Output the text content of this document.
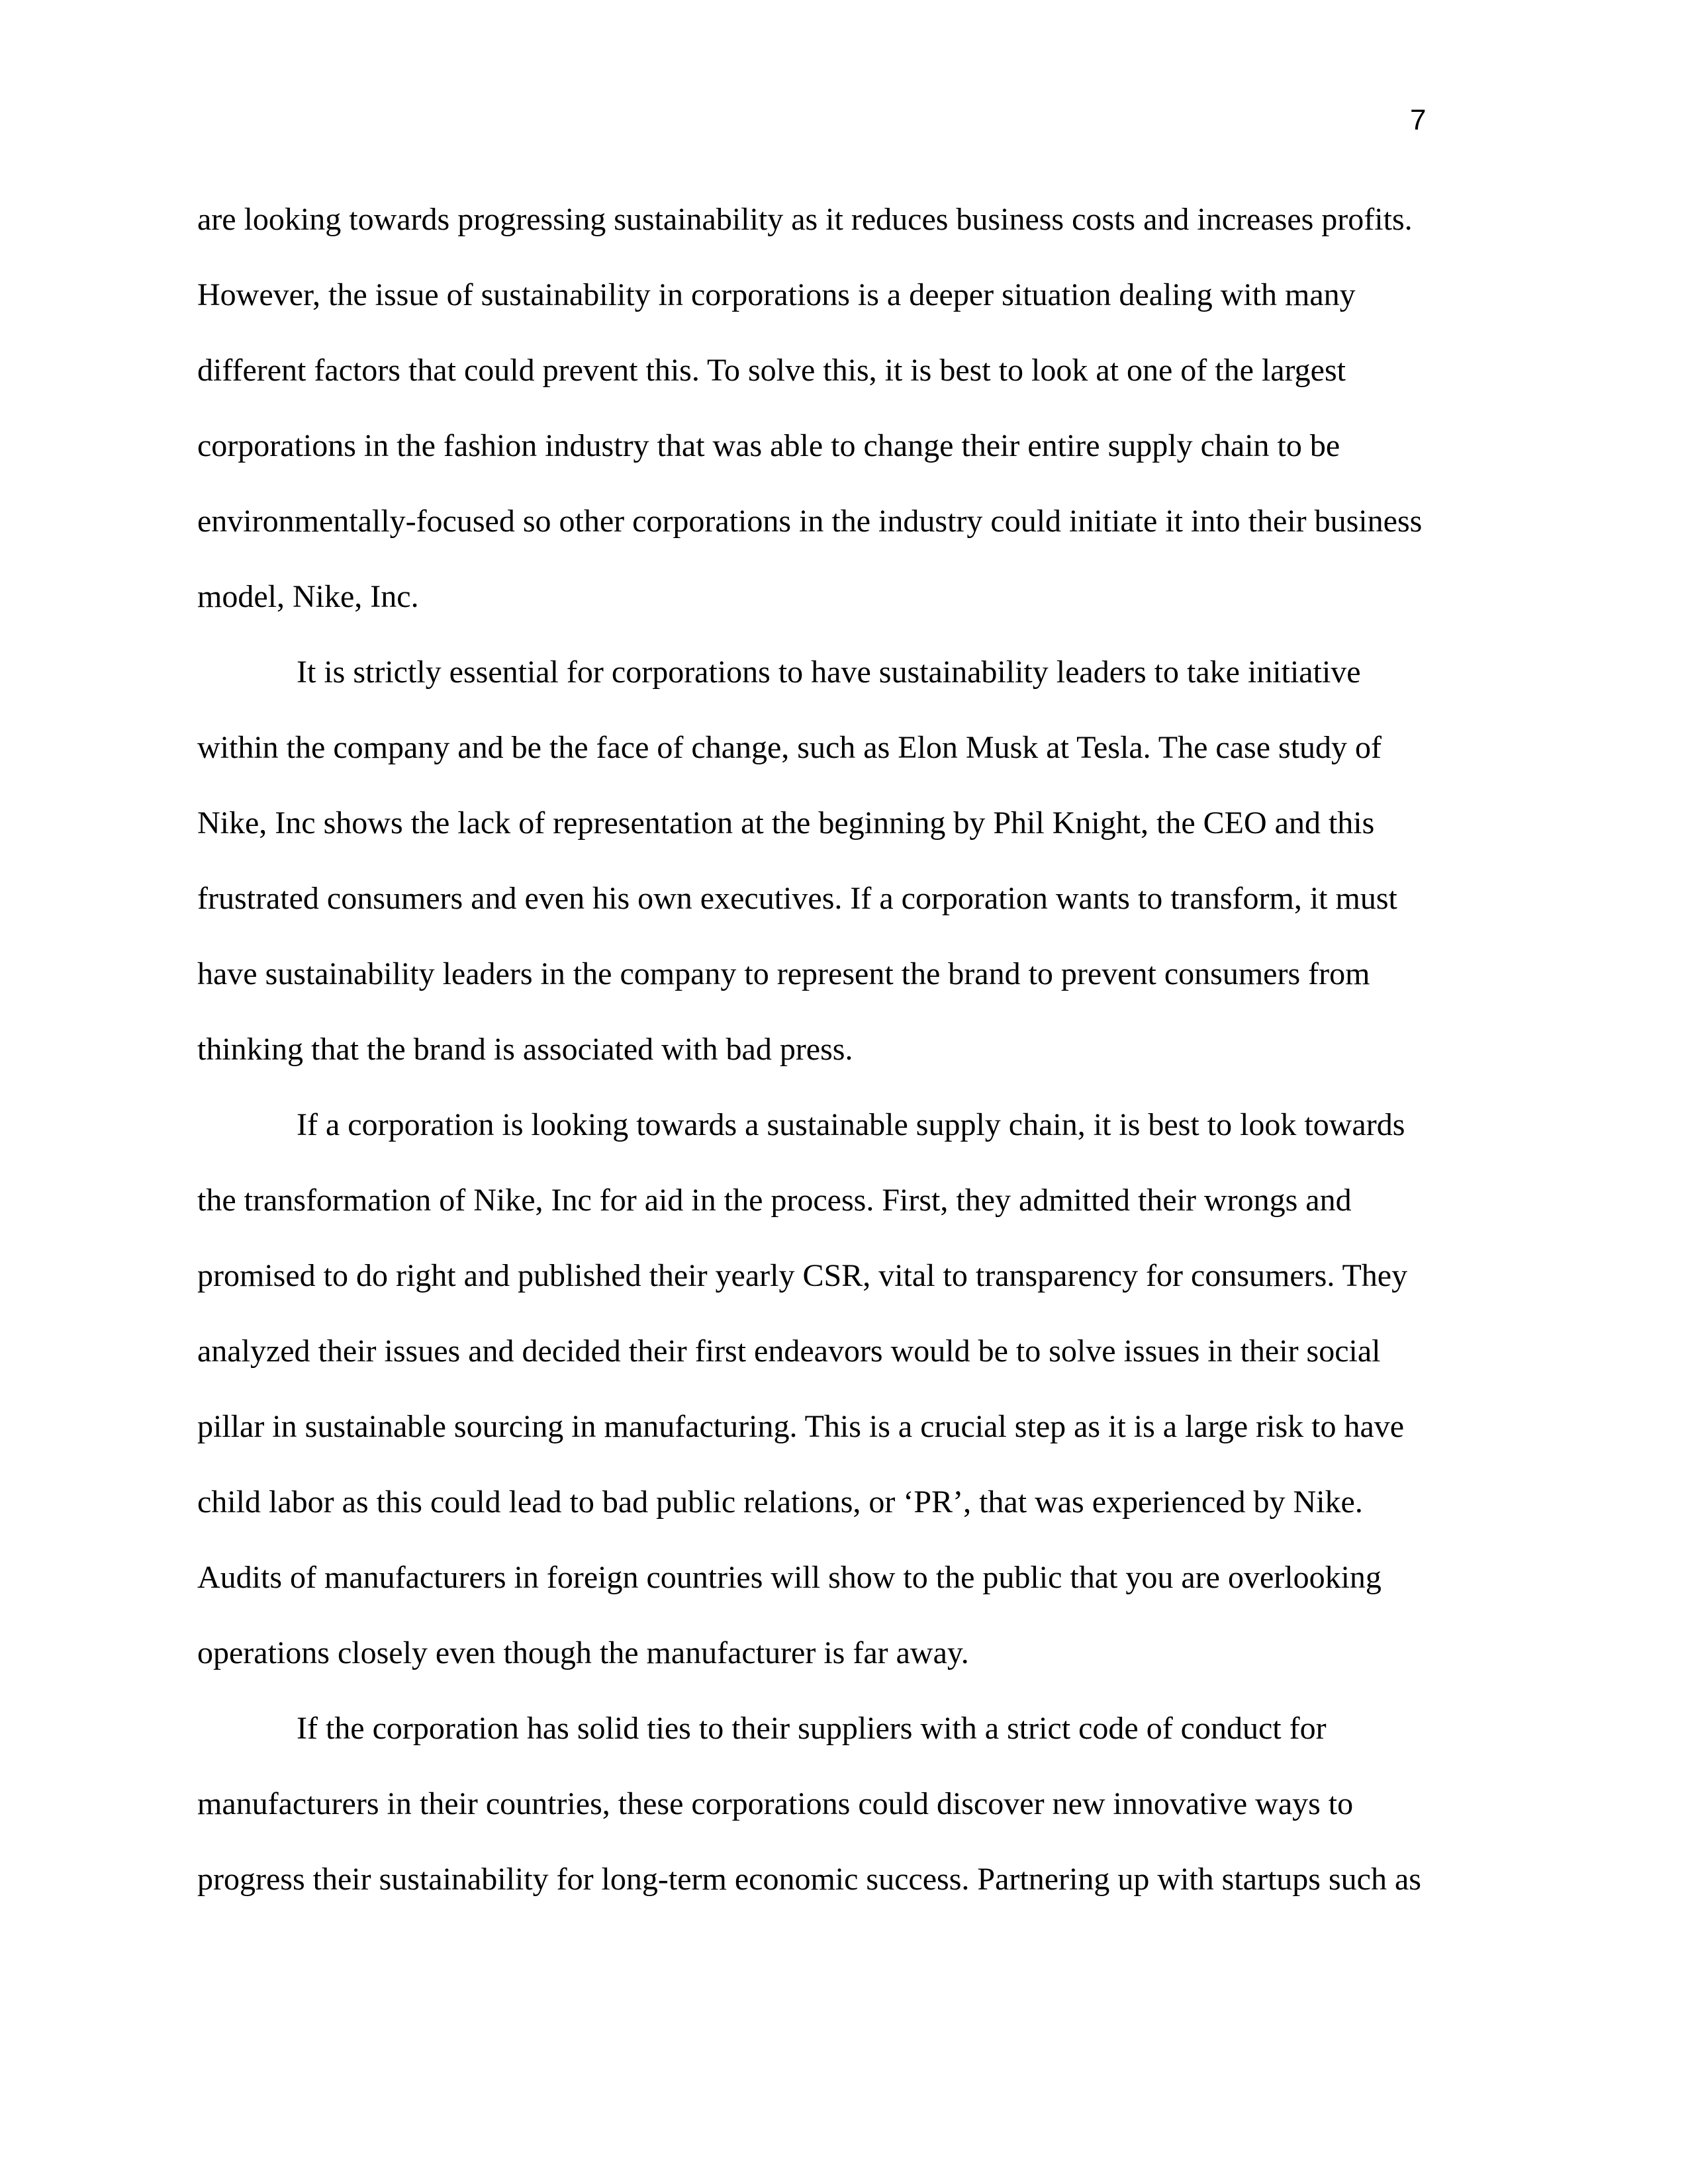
7
are looking towards progressing sustainability as it reduces business costs and increases profits.
However, the issue of sustainability in corporations is a deeper situation dealing with many
different factors that could prevent this. To solve this, it is best to look at one of the largest
corporations in the fashion industry that was able to change their entire supply chain to be
environmentally-focused so other corporations in the industry could initiate it into their business
model, Nike, Inc.
It is strictly essential for corporations to have sustainability leaders to take initiative
within the company and be the face of change, such as Elon Musk at Tesla. The case study of
Nike, Inc shows the lack of representation at the beginning by Phil Knight, the CEO and this
frustrated consumers and even his own executives. If a corporation wants to transform, it must
have sustainability leaders in the company to represent the brand to prevent consumers from
thinking that the brand is associated with bad press.
If a corporation is looking towards a sustainable supply chain, it is best to look towards
the transformation of Nike, Inc for aid in the process. First, they admitted their wrongs and
promised to do right and published their yearly CSR, vital to transparency for consumers. They
analyzed their issues and decided their first endeavors would be to solve issues in their social
pillar in sustainable sourcing in manufacturing. This is a crucial step as it is a large risk to have
child labor as this could lead to bad public relations, or ‘PR’, that was experienced by Nike.
Audits of manufacturers in foreign countries will show to the public that you are overlooking
operations closely even though the manufacturer is far away.
If the corporation has solid ties to their suppliers with a strict code of conduct for
manufacturers in their countries, these corporations could discover new innovative ways to
progress their sustainability for long-term economic success. Partnering up with startups such as
